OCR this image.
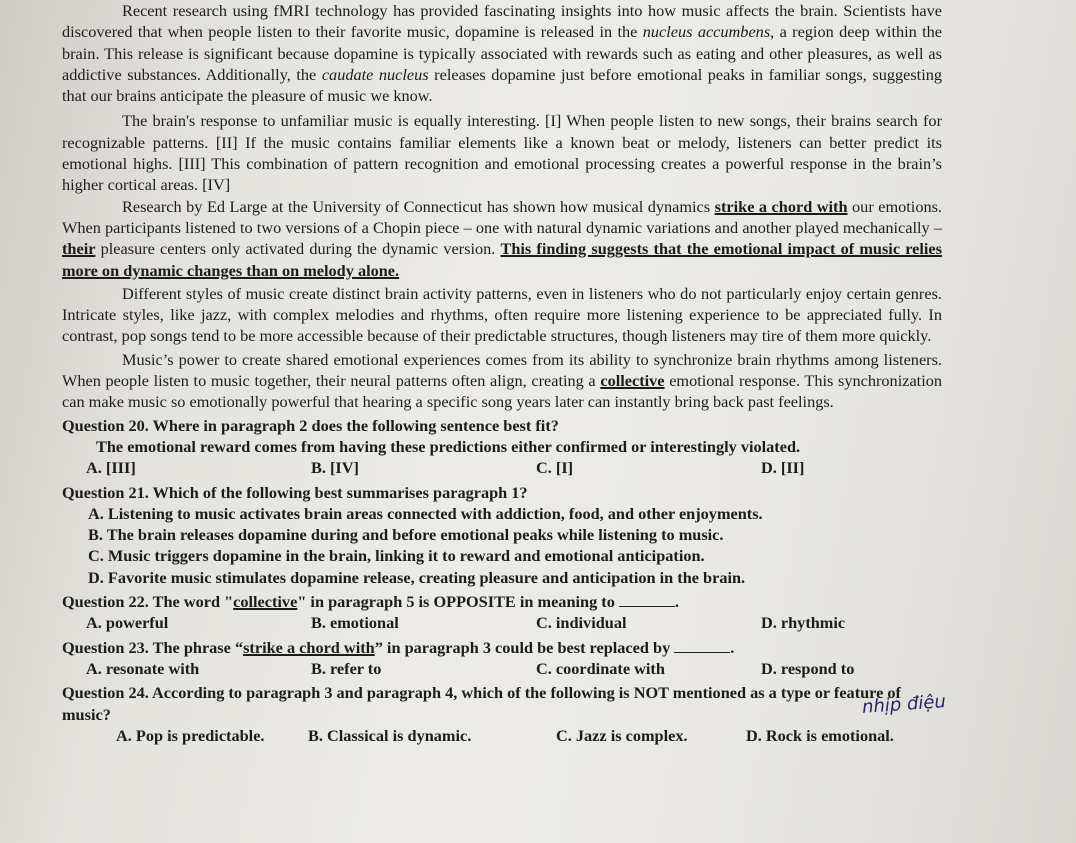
Recent research using fMRI technology has provided fascinating insights into how music affects the brain. Scientists have discovered that when people listen to their favorite music, dopamine is released in the nucleus accumbens, a region deep within the brain. This release is significant because dopamine is typically associated with rewards such as eating and other pleasures, as well as addictive substances. Additionally, the caudate nucleus releases dopamine just before emotional peaks in familiar songs, suggesting that our brains anticipate the pleasure of music we know.

The brain's response to unfamiliar music is equally interesting. [I] When people listen to new songs, their brains search for recognizable patterns. [II] If the music contains familiar elements like a known beat or melody, listeners can better predict its emotional highs. [III] This combination of pattern recognition and emotional processing creates a powerful response in the brain’s higher cortical areas. [IV]

Research by Ed Large at the University of Connecticut has shown how musical dynamics strike a chord with our emotions. When participants listened to two versions of a Chopin piece – one with natural dynamic variations and another played mechanically – their pleasure centers only activated during the dynamic version. This finding suggests that the emotional impact of music relies more on dynamic changes than on melody alone.

Different styles of music create distinct brain activity patterns, even in listeners who do not particularly enjoy certain genres. Intricate styles, like jazz, with complex melodies and rhythms, often require more listening experience to be appreciated fully. In contrast, pop songs tend to be more accessible because of their predictable structures, though listeners may tire of them more quickly.

Music’s power to create shared emotional experiences comes from its ability to synchronize brain rhythms among listeners. When people listen to music together, their neural patterns often align, creating a collective emotional response. This synchronization can make music so emotionally powerful that hearing a specific song years later can instantly bring back past feelings.

Question 20. Where in paragraph 2 does the following sentence best fit?

The emotional reward comes from having these predictions either confirmed or interestingly violated.

A. [III]	B. [IV]	C. [I]	D. [II]

Question 21. Which of the following best summarises paragraph 1?

A. Listening to music activates brain areas connected with addiction, food, and other enjoyments.

B. The brain releases dopamine during and before emotional peaks while listening to music.

C. Music triggers dopamine in the brain, linking it to reward and emotional anticipation.

D. Favorite music stimulates dopamine release, creating pleasure and anticipation in the brain.

Question 22. The word "collective" in paragraph 5 is OPPOSITE in meaning to	.

A. powerful	B. emotional	C. individual	D. rhythmic

Question 23. The phrase “strike a chord with” in paragraph 3 could be best replaced by	.

A. resonate with	B. refer to	C. coordinate with	D. respond to

Question 24. According to paragraph 3 and paragraph 4, which of the following is NOT mentioned as a type or feature of music?

A. Pop is predictable.	B. Classical is dynamic.	C. Jazz is complex.	D. Rock is emotional.
nhịp điệu
